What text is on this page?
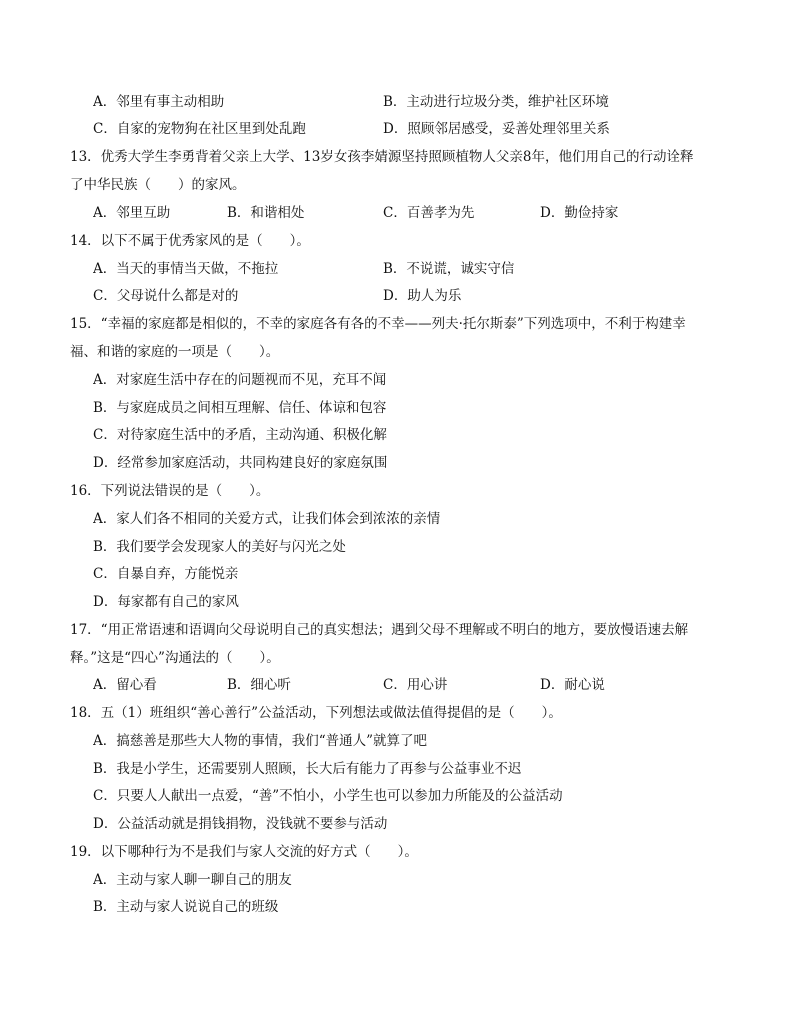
A．邻里有事主动相助	B．主动进行垃圾分类，维护社区环境
C．自家的宠物狗在社区里到处乱跑	D．照顾邻居感受，妥善处理邻里关系
13．优秀大学生李勇背着父亲上大学、13岁女孩李婧源坚持照顾植物人父亲8年，他们用自己的行动诠释
了中华民族（　　）的家风。
A．邻里互助	B．和谐相处	C．百善孝为先	D．勤俭持家
14．以下不属于优秀家风的是（　　）。
A．当天的事情当天做，不拖拉	B．不说谎，诚实守信
C．父母说什么都是对的	D．助人为乐
15．“幸福的家庭都是相似的，不幸的家庭各有各的不幸——列夫·托尔斯泰”下列选项中，不利于构建幸
福、和谐的家庭的一项是（　　）。
A．对家庭生活中存在的问题视而不见，充耳不闻
B．与家庭成员之间相互理解、信任、体谅和包容
C．对待家庭生活中的矛盾，主动沟通、积极化解
D．经常参加家庭活动，共同构建良好的家庭氛围
16．下列说法错误的是（　　）。
A．家人们各不相同的关爱方式，让我们体会到浓浓的亲情
B．我们要学会发现家人的美好与闪光之处
C．自暴自弃，方能悦亲
D．每家都有自己的家风
17．“用正常语速和语调向父母说明自己的真实想法；遇到父母不理解或不明白的地方，要放慢语速去解
释。”这是“四心”沟通法的（　　）。
A．留心看	B．细心听	C．用心讲	D．耐心说
18．五（1）班组织“善心善行”公益活动，下列想法或做法值得提倡的是（　　）。
A．搞慈善是那些大人物的事情，我们“普通人”就算了吧
B．我是小学生，还需要别人照顾，长大后有能力了再参与公益事业不迟
C．只要人人献出一点爱，“善”不怕小，小学生也可以参加力所能及的公益活动
D．公益活动就是捐钱捐物，没钱就不要参与活动
19．以下哪种行为不是我们与家人交流的好方式（　　）。
A．主动与家人聊一聊自己的朋友
B．主动与家人说说自己的班级
